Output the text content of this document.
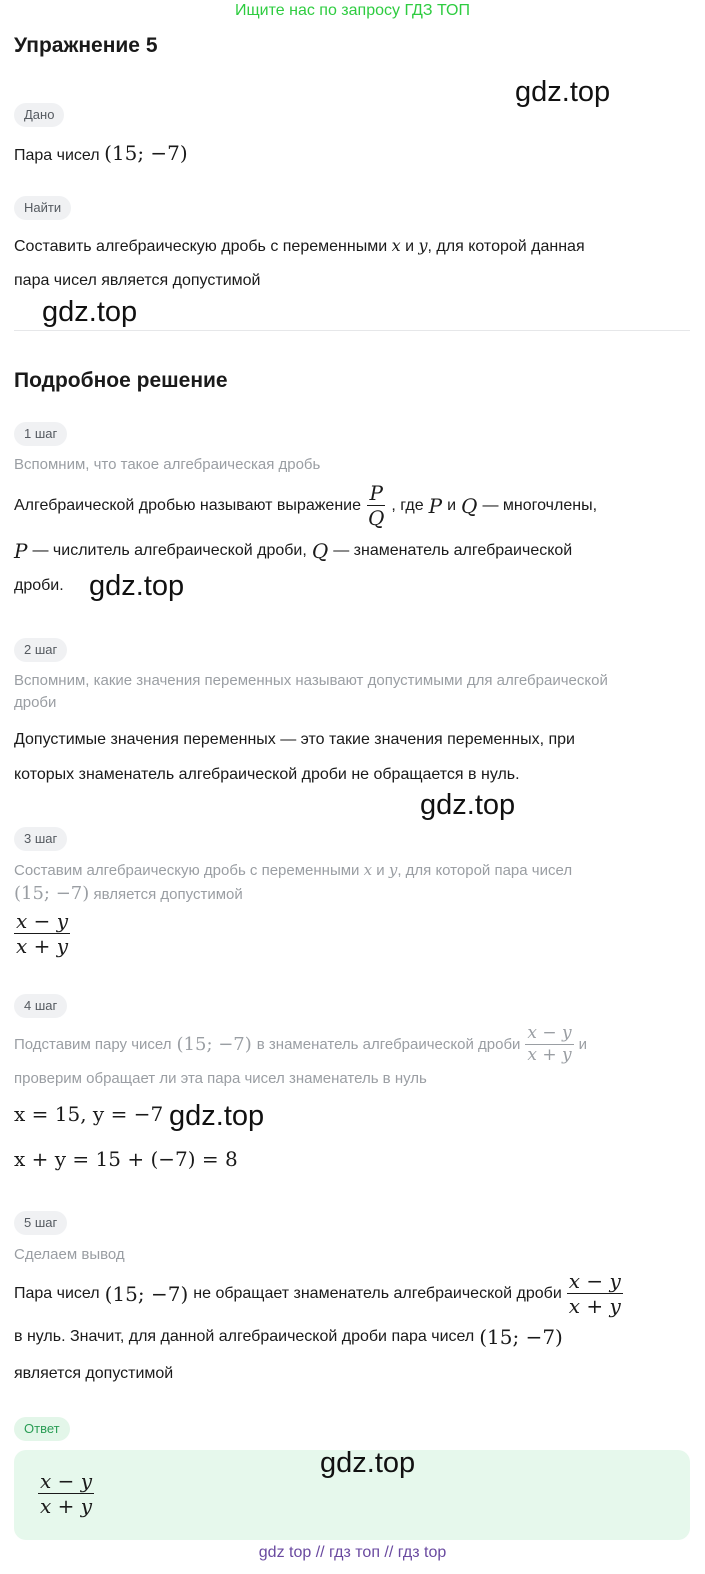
Ищите нас по запросу ГДЗ ТОП
Упражнение 5
gdz.top
Дано
Пара чисел (15; −7)
Найти
Составить алгебраическую дробь с переменными x и y, для которой данная
пара чисел является допустимой
gdz.top
Подробное решение
1 шаг
Вспомним, что такое алгебраическая дробь
Алгебраической дробью называют выражение $\frac{P}{Q}$ , где P и Q — многочлены,
P — числитель алгебраической дроби, Q — знаменатель алгебраической
дроби. gdz.top
2 шаг
Вспомним, какие значения переменных называют допустимыми для алгебраической
дроби
Допустимые значения переменных — это такие значения переменных, при
которых знаменатель алгебраической дроби не обращается в нуль.
gdz.top
3 шаг
Составим алгебраическую дробь с переменными x и y, для которой пара чисел
(15; −7) является допустимой
$\frac{x - y}{x + y}$
4 шаг
Подставим пару чисел (15; −7) в знаменатель алгебраической дроби $\frac{x - y}{x + y}$ и
проверим обращает ли эта пара чисел знаменатель в нуль
x = 15, y = −7 gdz.top
x + y = 15 + (−7) = 8
5 шаг
Сделаем вывод
Пара чисел (15; −7) не обращает знаменатель алгебраической дроби $\frac{x - y}{x + y}$
в нуль. Значит, для данной алгебраической дроби пара чисел (15; −7)
является допустимой
Ответ
$\frac{x - y}{x + y}$
gdz.top
gdz top // гдз топ // гдз top
